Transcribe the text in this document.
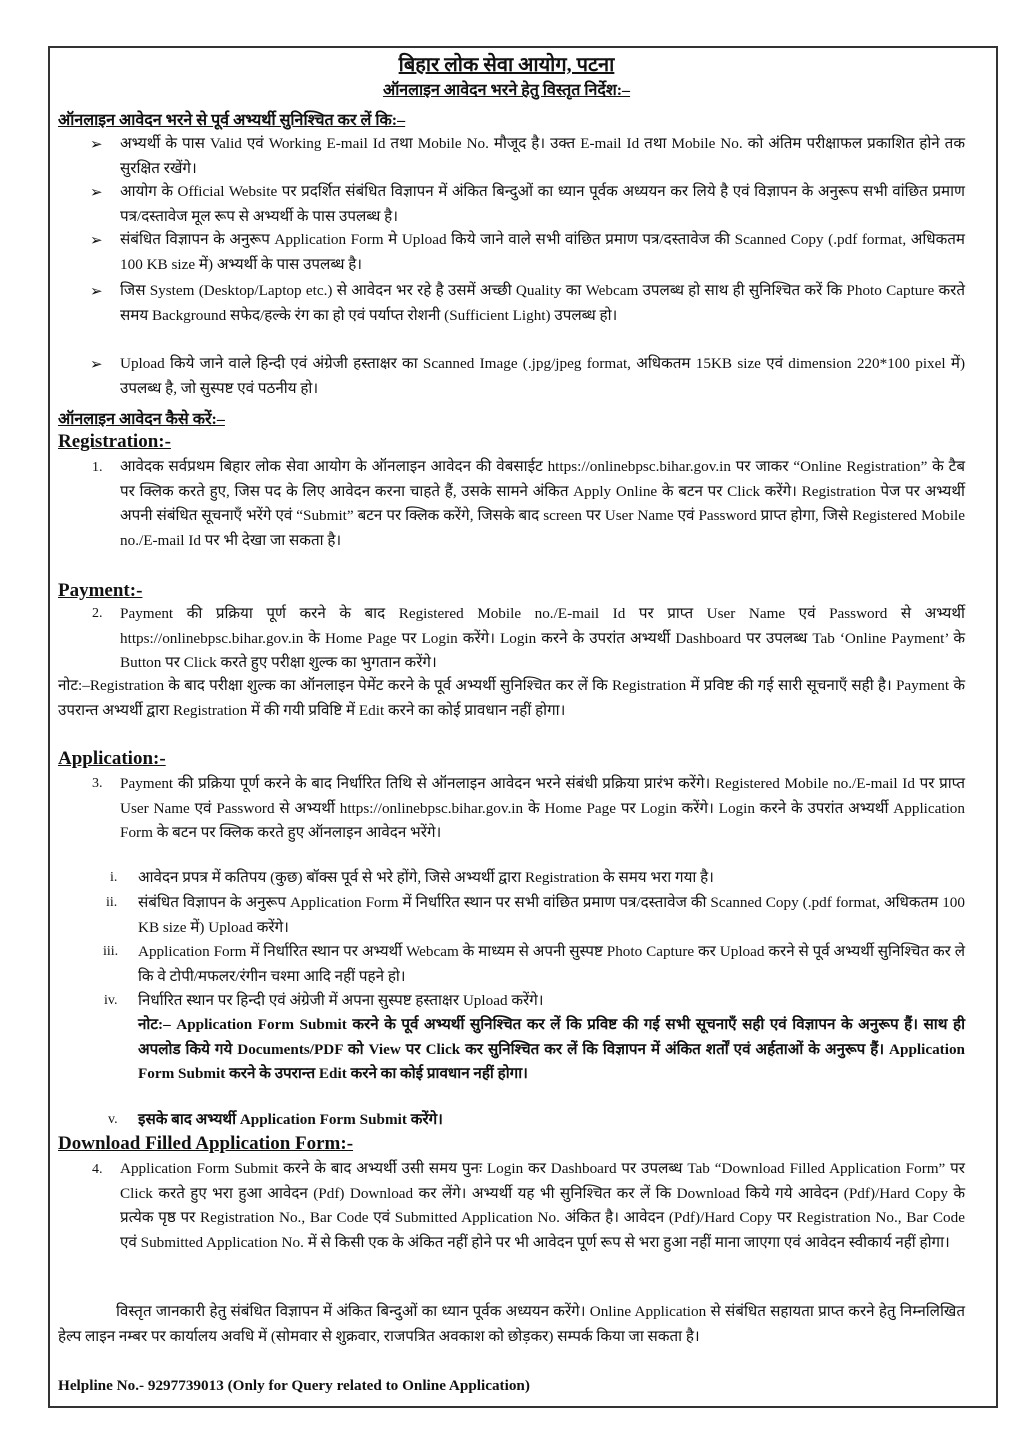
बिहार लोक सेवा आयोग, पटना
ऑनलाइन आवेदन भरने हेतु विस्तृत निर्देश:–
ऑनलाइन आवेदन भरने से पूर्व अभ्यर्थी सुनिश्चित कर लें कि:–
➢ अभ्यर्थी के पास Valid एवं Working E-mail Id तथा Mobile No. मौजूद है। उक्त E-mail Id तथा Mobile No. को अंतिम परीक्षाफल प्रकाशित होने तक सुरक्षित रखेंगे।
➢ आयोग के Official Website पर प्रदर्शित संबंधित विज्ञापन में अंकित बिन्दुओं का ध्यान पूर्वक अध्ययन कर लिये है एवं विज्ञापन के अनुरूप सभी वांछित प्रमाण पत्र/दस्तावेज मूल रूप से अभ्यर्थी के पास उपलब्ध है।
➢ संबंधित विज्ञापन के अनुरूप Application Form मे Upload किये जाने वाले सभी वांछित प्रमाण पत्र/दस्तावेज की Scanned Copy (.pdf format, अधिकतम 100 KB size में) अभ्यर्थी के पास उपलब्ध है।
➢ जिस System (Desktop/Laptop etc.) से आवेदन भर रहे है उसमें अच्छी Quality का Webcam उपलब्ध हो साथ ही सुनिश्चित करें कि Photo Capture करते समय Background सफेद/हल्के रंग का हो एवं पर्याप्त रोशनी (Sufficient Light) उपलब्ध हो।
➢ Upload किये जाने वाले हिन्दी एवं अंग्रेजी हस्ताक्षर का Scanned Image (.jpg/jpeg format, अधिकतम 15KB size एवं dimension 220*100 pixel में) उपलब्ध है, जो सुस्पष्ट एवं पठनीय हो।
ऑनलाइन आवेदन कैसे करें:–
Registration:-
1. आवेदक सर्वप्रथम बिहार लोक सेवा आयोग के ऑनलाइन आवेदन की वेबसाईट https://onlinebpsc.bihar.gov.in पर जाकर “Online Registration” के टैब पर क्लिक करते हुए, जिस पद के लिए आवेदन करना चाहते हैं, उसके सामने अंकित Apply Online के बटन पर Click करेंगे। Registration पेज पर अभ्यर्थी अपनी संबंधित सूचनाएँ भरेंगे एवं “Submit” बटन पर क्लिक करेंगे, जिसके बाद screen पर User Name एवं Password प्राप्त होगा, जिसे Registered Mobile no./E-mail Id पर भी देखा जा सकता है।
Payment:-
2. Payment की प्रक्रिया पूर्ण करने के बाद Registered Mobile no./E-mail Id पर प्राप्त User Name एवं Password से अभ्यर्थी https://onlinebpsc.bihar.gov.in के Home Page पर Login करेंगे। Login करने के उपरांत अभ्यर्थी Dashboard पर उपलब्ध Tab ‘Online Payment’ के Button पर Click करते हुए परीक्षा शुल्क का भुगतान करेंगे।
नोट:–Registration के बाद परीक्षा शुल्क का ऑनलाइन पेमेंट करने के पूर्व अभ्यर्थी सुनिश्चित कर लें कि Registration में प्रविष्ट की गई सारी सूचनाएँ सही है। Payment के उपरान्त अभ्यर्थी द्वारा Registration में की गयी प्रविष्टि में Edit करने का कोई प्रावधान नहीं होगा।
Application:-
3. Payment की प्रक्रिया पूर्ण करने के बाद निर्धारित तिथि से ऑनलाइन आवेदन भरने संबंधी प्रक्रिया प्रारंभ करेंगे। Registered Mobile no./E-mail Id पर प्राप्त User Name एवं Password से अभ्यर्थी https://onlinebpsc.bihar.gov.in के Home Page पर Login करेंगे। Login करने के उपरांत अभ्यर्थी Application Form के बटन पर क्लिक करते हुए ऑनलाइन आवेदन भरेंगे।
i. आवेदन प्रपत्र में कतिपय (कुछ) बॉक्स पूर्व से भरे होंगे, जिसे अभ्यर्थी द्वारा Registration के समय भरा गया है।
ii. संबंधित विज्ञापन के अनुरूप Application Form में निर्धारित स्थान पर सभी वांछित प्रमाण पत्र/दस्तावेज की Scanned Copy (.pdf format, अधिकतम 100 KB size में) Upload करेंगे।
iii. Application Form में निर्धारित स्थान पर अभ्यर्थी Webcam के माध्यम से अपनी सुस्पष्ट Photo Capture कर Upload करने से पूर्व अभ्यर्थी सुनिश्चित कर ले कि वे टोपी/मफलर/रंगीन चश्मा आदि नहीं पहने हो।
iv. निर्धारित स्थान पर हिन्दी एवं अंग्रेजी में अपना सुस्पष्ट हस्ताक्षर Upload करेंगे।
नोट:– Application Form Submit करने के पूर्व अभ्यर्थी सुनिश्चित कर लें कि प्रविष्ट की गई सभी सूचनाएँ सही एवं विज्ञापन के अनुरूप हैं। साथ ही अपलोड किये गये Documents/PDF को View पर Click कर सुनिश्चित कर लें कि विज्ञापन में अंकित शर्तों एवं अर्हताओं के अनुरूप हैं। Application Form Submit करने के उपरान्त Edit करने का कोई प्रावधान नहीं होगा।
v. इसके बाद अभ्यर्थी Application Form Submit करेंगे।
Download Filled Application Form:-
4. Application Form Submit करने के बाद अभ्यर्थी उसी समय पुनः Login कर Dashboard पर उपलब्ध Tab “Download Filled Application Form” पर Click करते हुए भरा हुआ आवेदन (Pdf) Download कर लेंगे। अभ्यर्थी यह भी सुनिश्चित कर लें कि Download किये गये आवेदन (Pdf)/Hard Copy के प्रत्येक पृष्ठ पर Registration No., Bar Code एवं Submitted Application No. अंकित है। आवेदन (Pdf)/Hard Copy पर Registration No., Bar Code एवं Submitted Application No. में से किसी एक के अंकित नहीं होने पर भी आवेदन पूर्ण रूप से भरा हुआ नहीं माना जाएगा एवं आवेदन स्वीकार्य नहीं होगा।
विस्तृत जानकारी हेतु संबंधित विज्ञापन में अंकित बिन्दुओं का ध्यान पूर्वक अध्ययन करेंगे। Online Application से संबंधित सहायता प्राप्त करने हेतु निम्नलिखित हेल्प लाइन नम्बर पर कार्यालय अवधि में (सोमवार से शुक्रवार, राजपत्रित अवकाश को छोड़कर) सम्पर्क किया जा सकता है।
Helpline No.- 9297739013 (Only for Query related to Online Application)
